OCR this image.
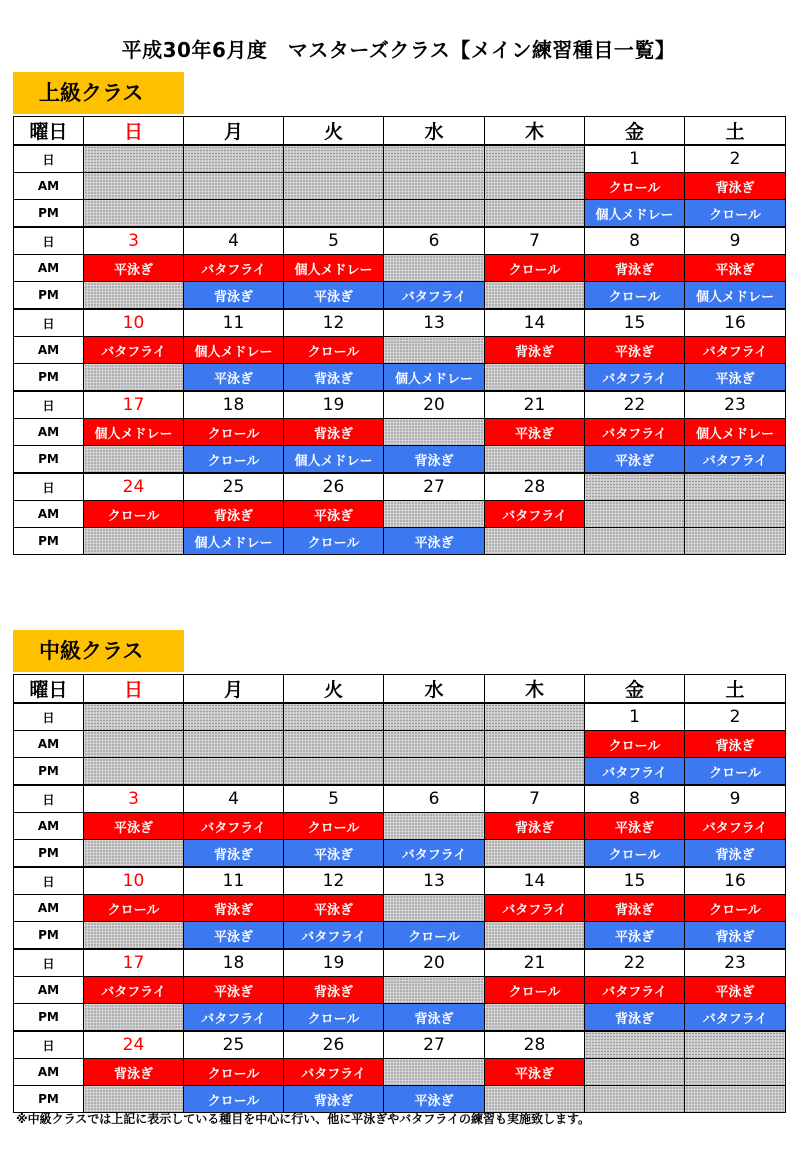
平成30年6月度　マスターズクラス【メイン練習種目一覧】
上級クラス
曜日	日	月	火	水	木	金	土
日						1	2
AM						クロール	背泳ぎ
PM						個人メドレー	クロール
日	3	4	5	6	7	8	9
AM	平泳ぎ	バタフライ	個人メドレー		クロール	背泳ぎ	平泳ぎ
PM		背泳ぎ	平泳ぎ	バタフライ		クロール	個人メドレー
日	10	11	12	13	14	15	16
AM	バタフライ	個人メドレー	クロール		背泳ぎ	平泳ぎ	バタフライ
PM		平泳ぎ	背泳ぎ	個人メドレー		バタフライ	平泳ぎ
日	17	18	19	20	21	22	23
AM	個人メドレー	クロール	背泳ぎ		平泳ぎ	バタフライ	個人メドレー
PM		クロール	個人メドレー	背泳ぎ		平泳ぎ	バタフライ
日	24	25	26	27	28		
AM	クロール	背泳ぎ	平泳ぎ		バタフライ		
PM		個人メドレー	クロール	平泳ぎ			
中級クラス
曜日	日	月	火	水	木	金	土
日						1	2
AM						クロール	背泳ぎ
PM						バタフライ	クロール
日	3	4	5	6	7	8	9
AM	平泳ぎ	バタフライ	クロール		背泳ぎ	平泳ぎ	バタフライ
PM		背泳ぎ	平泳ぎ	バタフライ		クロール	背泳ぎ
日	10	11	12	13	14	15	16
AM	クロール	背泳ぎ	平泳ぎ		バタフライ	背泳ぎ	クロール
PM		平泳ぎ	バタフライ	クロール		平泳ぎ	背泳ぎ
日	17	18	19	20	21	22	23
AM	バタフライ	平泳ぎ	背泳ぎ		クロール	バタフライ	平泳ぎ
PM		バタフライ	クロール	背泳ぎ		背泳ぎ	バタフライ
日	24	25	26	27	28		
AM	背泳ぎ	クロール	バタフライ		平泳ぎ		
PM		クロール	背泳ぎ	平泳ぎ			
※中級クラスでは上記に表示している種目を中心に行い、他に平泳ぎやバタフライの練習も実施致します。
